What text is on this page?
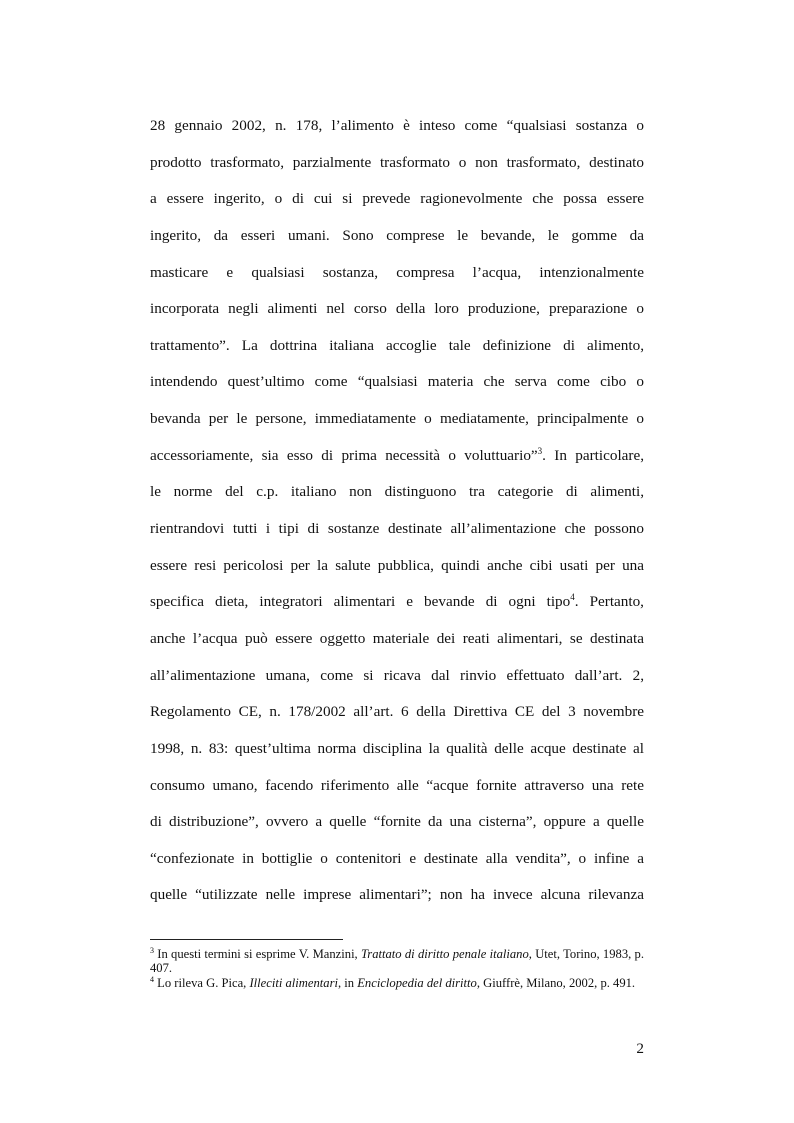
28 gennaio 2002, n. 178, l’alimento è inteso come “qualsiasi sostanza o
prodotto trasformato, parzialmente trasformato o non trasformato, destinato
a essere ingerito, o di cui si prevede ragionevolmente che possa essere
ingerito, da esseri umani. Sono comprese le bevande, le gomme da
masticare e qualsiasi sostanza, compresa l’acqua, intenzionalmente
incorporata negli alimenti nel corso della loro produzione, preparazione o
trattamento”. La dottrina italiana accoglie tale definizione di alimento,
intendendo quest’ultimo come “qualsiasi materia che serva come cibo o
bevanda per le persone, immediatamente o mediatamente, principalmente o
accessoriamente, sia esso di prima necessità o voluttuario”$^3$. In particolare,
le norme del c.p. italiano non distinguono tra categorie di alimenti,
rientrandovi tutti i tipi di sostanze destinate all’alimentazione che possono
essere resi pericolosi per la salute pubblica, quindi anche cibi usati per una
specifica dieta, integratori alimentari e bevande di ogni tipo$^4$. Pertanto,
anche l’acqua può essere oggetto materiale dei reati alimentari, se destinata
all’alimentazione umana, come si ricava dal rinvio effettuato dall’art. 2,
Regolamento CE, n. 178/2002 all’art. 6 della Direttiva CE del 3 novembre
1998, n. 83: quest’ultima norma disciplina la qualità delle acque destinate al
consumo umano, facendo riferimento alle “acque fornite attraverso una rete
di distribuzione”, ovvero a quelle “fornite da una cisterna”, oppure a quelle
“confezionate in bottiglie o contenitori e destinate alla vendita”, o infine a
quelle “utilizzate nelle imprese alimentari”; non ha invece alcuna rilevanza

$^3$ In questi termini si esprime V. Manzini, Trattato di diritto penale italiano, Utet, Torino, 1983, p. 407.

$^4$ Lo rileva G. Pica, Illeciti alimentari, in Enciclopedia del diritto, Giuffrè, Milano, 2002, p. 491.

2
